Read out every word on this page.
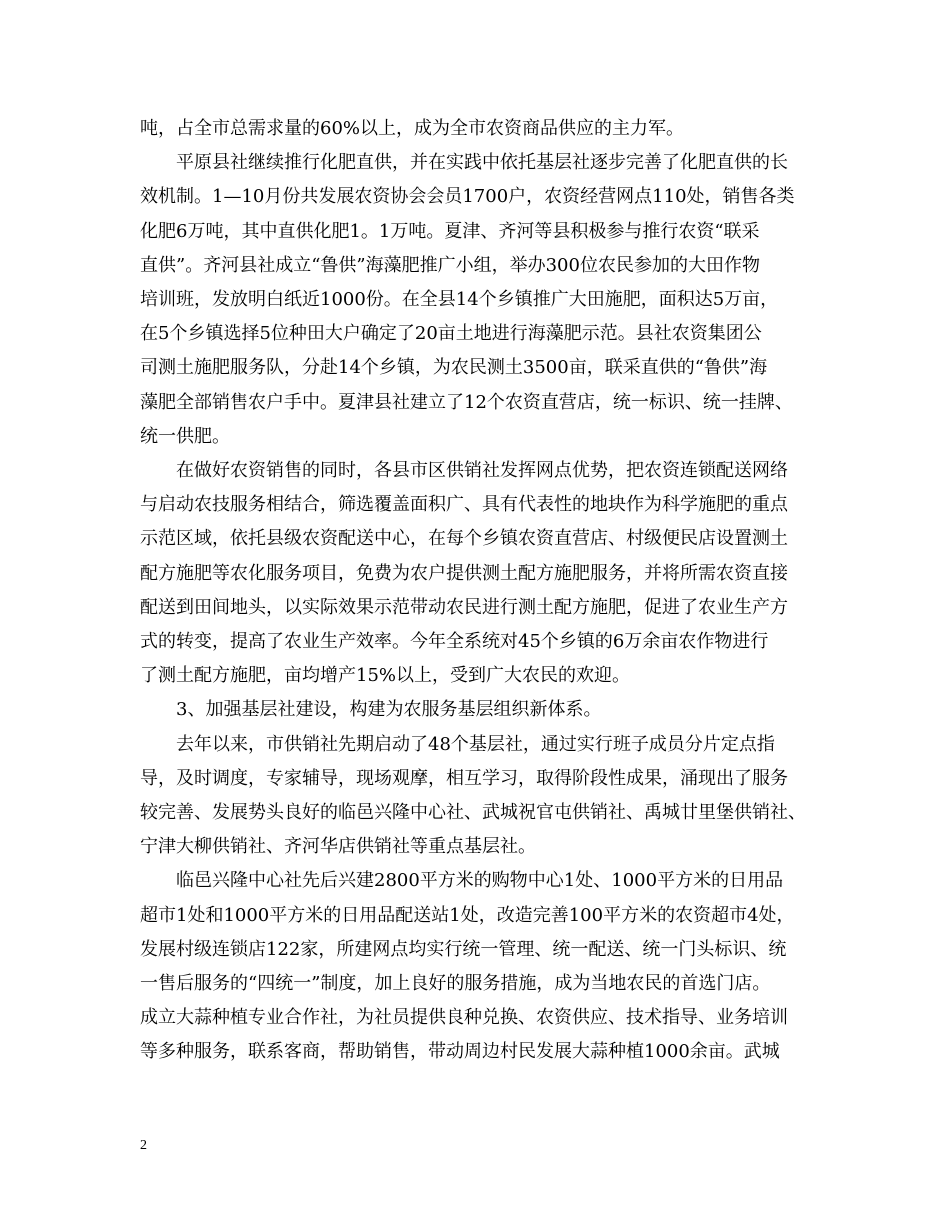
吨，占全市总需求量的60%以上，成为全市农资商品供应的主力军。
　　平原县社继续推行化肥直供，并在实践中依托基层社逐步完善了化肥直供的长
效机制。1—10月份共发展农资协会会员1700户，农资经营网点110处，销售各类
化肥6万吨，其中直供化肥1。1万吨。夏津、齐河等县积极参与推行农资“联采
直供”。齐河县社成立“鲁供”海藻肥推广小组，举办300位农民参加的大田作物
培训班，发放明白纸近1000份。在全县14个乡镇推广大田施肥，面积达5万亩，
在5个乡镇选择5位种田大户确定了20亩土地进行海藻肥示范。县社农资集团公
司测土施肥服务队，分赴14个乡镇，为农民测土3500亩，联采直供的“鲁供”海
藻肥全部销售农户手中。夏津县社建立了12个农资直营店，统一标识、统一挂牌、
统一供肥。
　　在做好农资销售的同时，各县市区供销社发挥网点优势，把农资连锁配送网络
与启动农技服务相结合，筛选覆盖面积广、具有代表性的地块作为科学施肥的重点
示范区域，依托县级农资配送中心，在每个乡镇农资直营店、村级便民店设置测土
配方施肥等农化服务项目，免费为农户提供测土配方施肥服务，并将所需农资直接
配送到田间地头，以实际效果示范带动农民进行测土配方施肥，促进了农业生产方
式的转变，提高了农业生产效率。今年全系统对45个乡镇的6万余亩农作物进行
了测土配方施肥，亩均增产15%以上，受到广大农民的欢迎。
　　3、加强基层社建设，构建为农服务基层组织新体系。
　　去年以来，市供销社先期启动了48个基层社，通过实行班子成员分片定点指
导，及时调度，专家辅导，现场观摩，相互学习，取得阶段性成果，涌现出了服务
较完善、发展势头良好的临邑兴隆中心社、武城祝官屯供销社、禹城廿里堡供销社、
宁津大柳供销社、齐河华店供销社等重点基层社。
　　临邑兴隆中心社先后兴建2800平方米的购物中心1处、1000平方米的日用品
超市1处和1000平方米的日用品配送站1处，改造完善100平方米的农资超市4处，
发展村级连锁店122家，所建网点均实行统一管理、统一配送、统一门头标识、统
一售后服务的“四统一”制度，加上良好的服务措施，成为当地农民的首选门店。
成立大蒜种植专业合作社，为社员提供良种兑换、农资供应、技术指导、业务培训
等多种服务，联系客商，帮助销售，带动周边村民发展大蒜种植1000余亩。武城
2
